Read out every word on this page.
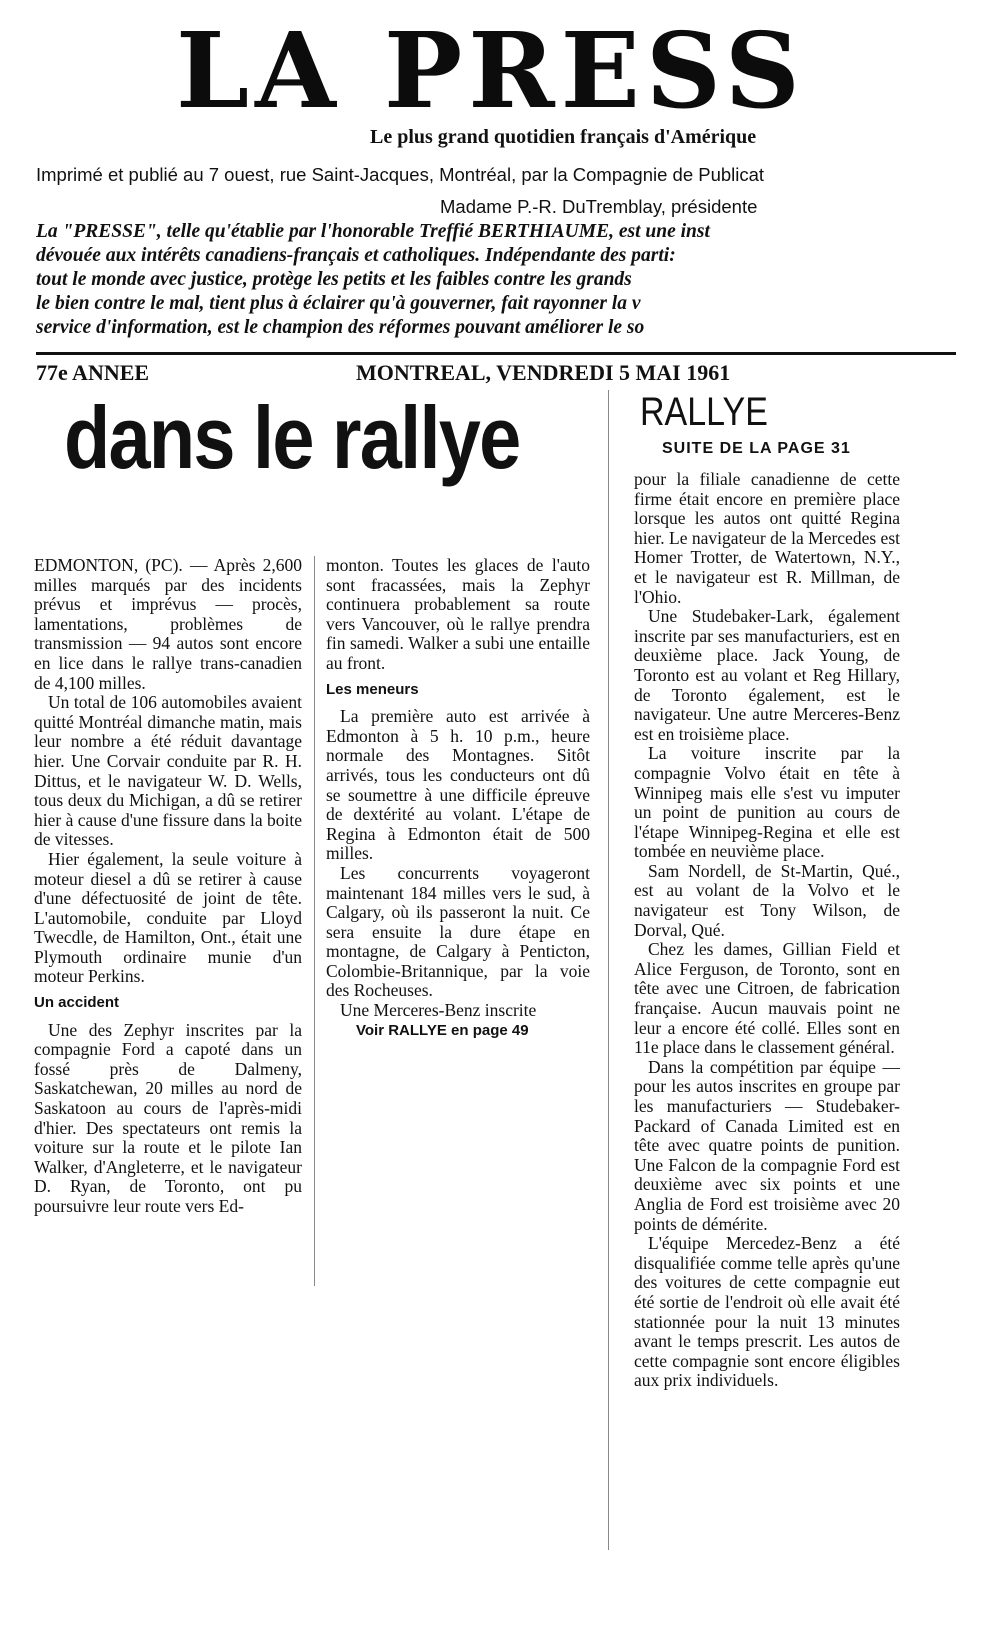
LA PRESS
Le plus grand quotidien français d'Amérique
Imprimé et publié au 7 ouest, rue Saint-Jacques, Montréal, par la Compagnie de Publicat
Madame P.-R. DuTremblay, présidente
La "PRESSE", telle qu'établie par l'honorable Treffié BERTHIAUME, est une inst
dévouée aux intérêts canadiens-français et catholiques. Indépendante des parti:
tout le monde avec justice, protège les petits et les faibles contre les grands
le bien contre le mal, tient plus à éclairer qu'à gouverner, fait rayonner la v
service d'information, est le champion des réformes pouvant améliorer le so
77e ANNEE	MONTREAL, VENDREDI 5 MAI 1961
dans le rallye	RALLYE
SUITE DE LA PAGE 31

EDMONTON, (PC). — Après 2,600 milles marqués par des incidents prévus et imprévus — procès, lamentations, problèmes de transmission — 94 autos sont encore en lice dans le rallye trans-canadien de 4,100 milles.

Un total de 106 automobiles avaient quitté Montréal dimanche matin, mais leur nombre a été réduit davantage hier. Une Corvair conduite par R. H. Dittus, et le navigateur W. D. Wells, tous deux du Michigan, a dû se retirer hier à cause d'une fissure dans la boite de vitesses.

Hier également, la seule voiture à moteur diesel a dû se retirer à cause d'une défectuosité de joint de tête. L'automobile, conduite par Lloyd Twecdle, de Hamilton, Ont., était une Plymouth ordinaire munie d'un moteur Perkins.

Un accident

Une des Zephyr inscrites par la compagnie Ford a capoté dans un fossé près de Dalmeny, Saskatchewan, 20 milles au nord de Saskatoon au cours de l'après-midi d'hier. Des spectateurs ont remis la voiture sur la route et le pilote Ian Walker, d'Angleterre, et le navigateur D. Ryan, de Toronto, ont pu poursuivre leur route vers Ed-

monton. Toutes les glaces de l'auto sont fracassées, mais la Zephyr continuera probablement sa route vers Vancouver, où le rallye prendra fin samedi. Walker a subi une entaille au front.

Les meneurs

La première auto est arrivée à Edmonton à 5 h. 10 p.m., heure normale des Montagnes. Sitôt arrivés, tous les conducteurs ont dû se soumettre à une difficile épreuve de dextérité au volant. L'étape de Regina à Edmonton était de 500 milles.

Les concurrents voyageront maintenant 184 milles vers le sud, à Calgary, où ils passeront la nuit. Ce sera ensuite la dure étape en montagne, de Calgary à Penticton, Colombie-Britannique, par la voie des Rocheuses.

Une Merceres-Benz inscrite

Voir RALLYE en page 49

pour la filiale canadienne de cette firme était encore en première place lorsque les autos ont quitté Regina hier. Le navigateur de la Mercedes est Homer Trotter, de Watertown, N.Y., et le navigateur est R. Millman, de l'Ohio.

Une Studebaker-Lark, également inscrite par ses manufacturiers, est en deuxième place. Jack Young, de Toronto est au volant et Reg Hillary, de Toronto également, est le navigateur. Une autre Merceres-Benz est en troisième place.

La voiture inscrite par la compagnie Volvo était en tête à Winnipeg mais elle s'est vu imputer un point de punition au cours de l'étape Winnipeg-Regina et elle est tombée en neuvième place.

Sam Nordell, de St-Martin, Qué., est au volant de la Volvo et le navigateur est Tony Wilson, de Dorval, Qué.

Chez les dames, Gillian Field et Alice Ferguson, de Toronto, sont en tête avec une Citroen, de fabrication française. Aucun mauvais point ne leur a encore été collé. Elles sont en 11e place dans le classement général.

Dans la compétition par équipe — pour les autos inscrites en groupe par les manufacturiers — Studebaker-Packard of Canada Limited est en tête avec quatre points de punition. Une Falcon de la compagnie Ford est deuxième avec six points et une Anglia de Ford est troisième avec 20 points de démérite.

L'équipe Mercedez-Benz a été disqualifiée comme telle après qu'une des voitures de cette compagnie eut été sortie de l'endroit où elle avait été stationnée pour la nuit 13 minutes avant le temps prescrit. Les autos de cette compagnie sont encore éligibles aux prix individuels.
